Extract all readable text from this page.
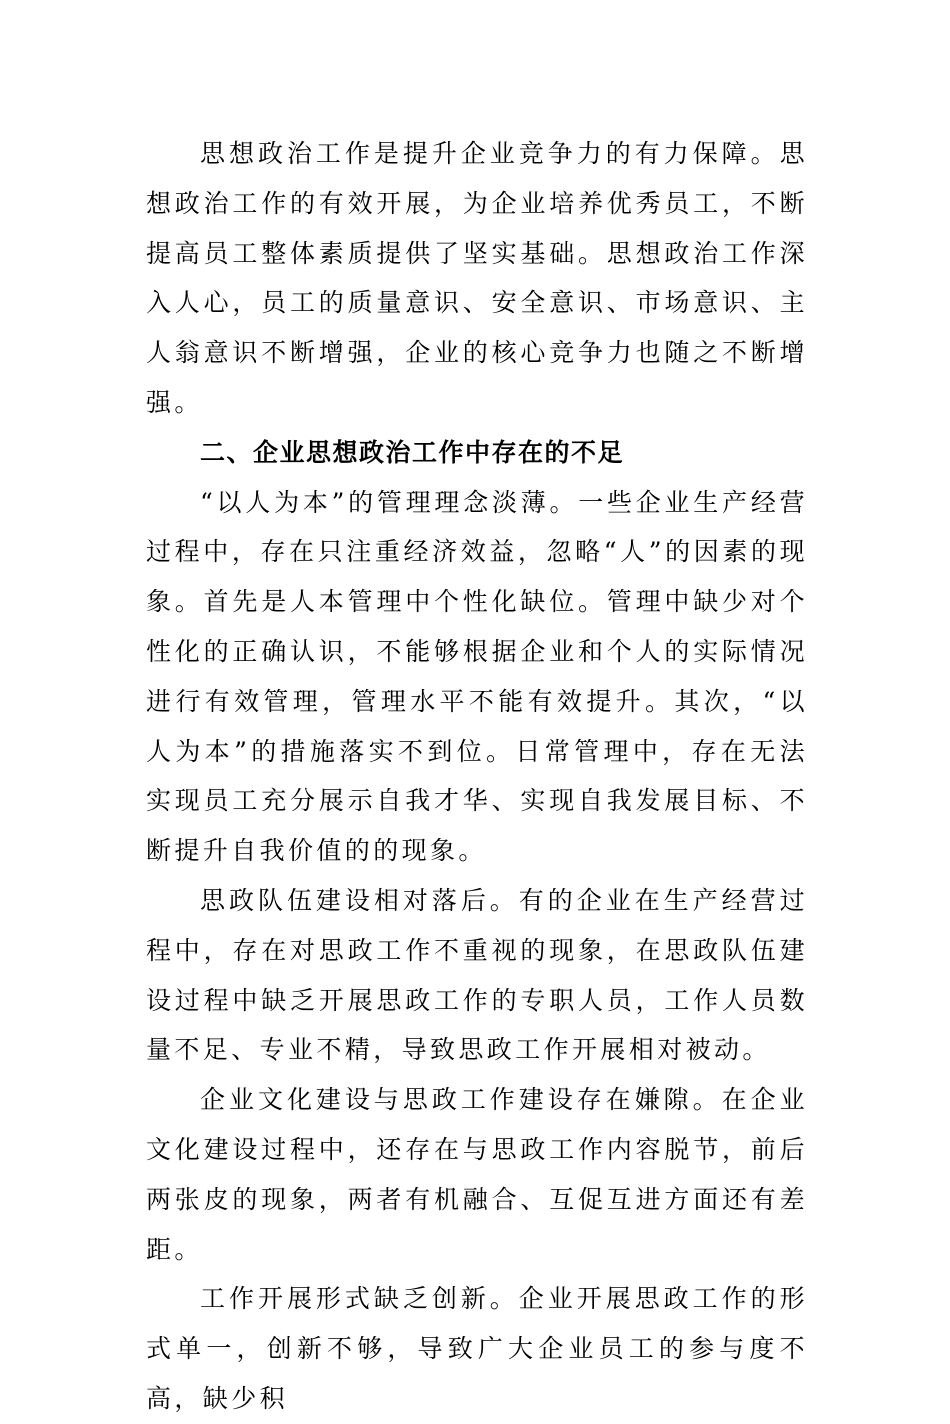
思想政治工作是提升企业竞争力的有力保障。思想政治工作的有效开展，为企业培养优秀员工，不断提高员工整体素质提供了坚实基础。思想政治工作深入人心，员工的质量意识、安全意识、市场意识、主人翁意识不断增强，企业的核心竞争力也随之不断增强。

二、企业思想政治工作中存在的不足

“以人为本”的管理理念淡薄。一些企业生产经营过程中，存在只注重经济效益，忽略“人”的因素的现象。首先是人本管理中个性化缺位。管理中缺少对个性化的正确认识，不能够根据企业和个人的实际情况进行有效管理，管理水平不能有效提升。其次，“以人为本”的措施落实不到位。日常管理中，存在无法实现员工充分展示自我才华、实现自我发展目标、不断提升自我价值的的现象。

思政队伍建设相对落后。有的企业在生产经营过程中，存在对思政工作不重视的现象，在思政队伍建设过程中缺乏开展思政工作的专职人员，工作人员数量不足、专业不精，导致思政工作开展相对被动。

企业文化建设与思政工作建设存在嫌隙。在企业文化建设过程中，还存在与思政工作内容脱节，前后两张皮的现象，两者有机融合、互促互进方面还有差距。

工作开展形式缺乏创新。企业开展思政工作的形式单一，创新不够，导致广大企业员工的参与度不高，缺少积
